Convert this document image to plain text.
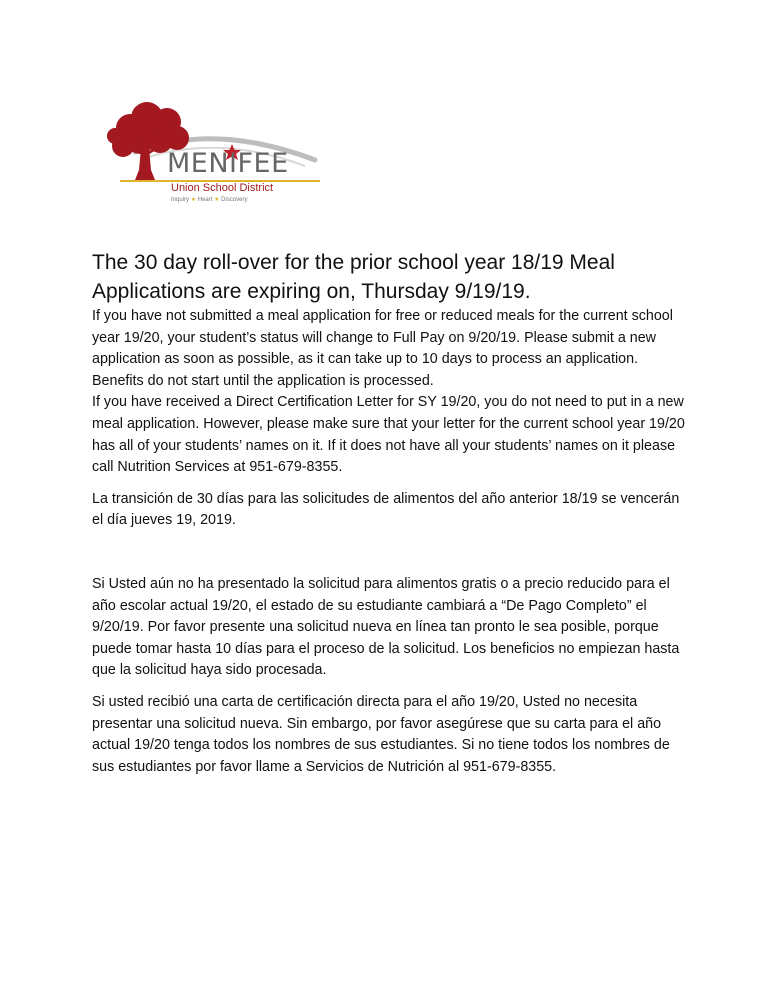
MENIFEE
Union School District
Inquiry ★ Heart ★ Discovery
The 30 day roll-over for the prior school year 18/19 Meal Applications are expiring on, Thursday 9/19/19.

If you have not submitted a meal application for free or reduced meals for the current school year 19/20, your student’s status will change to Full Pay on 9/20/19. Please submit a new application as soon as possible, as it can take up to 10 days to process an application. Benefits do not start until the application is processed.

If you have received a Direct Certification Letter for SY 19/20, you do not need to put in a new meal application. However, please make sure that your letter for the current school year 19/20 has all of your students’ names on it. If it does not have all your students’ names on it please call Nutrition Services at 951-679-8355.

La transición de 30 días para las solicitudes de alimentos del año anterior 18/19 se vencerán el día jueves 19, 2019.

Si Usted aún no ha presentado la solicitud para alimentos gratis o a precio reducido para el año escolar actual 19/20, el estado de su estudiante cambiará a “De Pago Completo” el 9/20/19. Por favor presente una solicitud nueva en línea tan pronto le sea posible, porque puede tomar hasta 10 días para el proceso de la solicitud. Los beneficios no empiezan hasta que la solicitud haya sido procesada.

Si usted recibió una carta de certificación directa para el año 19/20, Usted no necesita presentar una solicitud nueva. Sin embargo, por favor asegúrese que su carta para el año actual 19/20 tenga todos los nombres de sus estudiantes. Si no tiene todos los nombres de sus estudiantes por favor llame a Servicios de Nutrición al 951-679-8355.
